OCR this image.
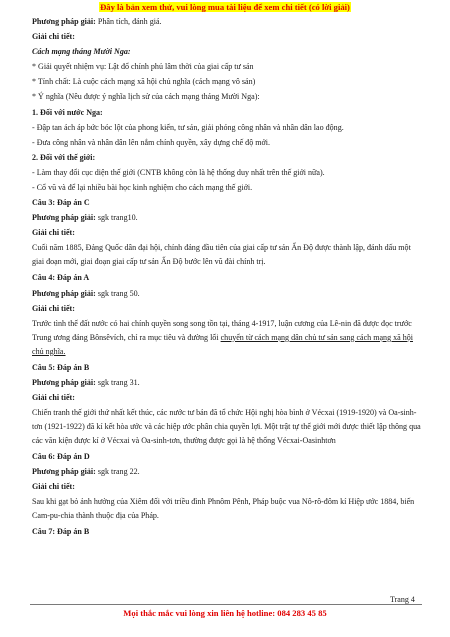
Đây là bản xem thử, vui lòng mua tài liệu để xem chi tiết (có lời giải)

Phương pháp giải: Phân tích, đánh giá.

Giải chi tiết:

Cách mạng tháng Mười Nga:

* Giải quyết nhiệm vụ: Lật đổ chính phủ lâm thời của giai cấp tư sản

* Tính chất: Là cuộc cách mạng xã hội chủ nghĩa (cách mạng vô sản)

* Ý nghĩa (Nêu được ý nghĩa lịch sử của cách mạng tháng Mười Nga):

1. Đối với nước Nga:

- Đập tan ách áp bức bóc lột của phong kiến, tư sản, giải phóng công nhân và nhân dân lao động.

- Đưa công nhân và nhân dân lên nắm chính quyền, xây dựng chế độ mới.

2. Đối với thế giới:

- Làm thay đổi cục diện thế giới (CNTB không còn là hệ thống duy nhất trên thế giới nữa).

- Cổ vũ và để lại nhiều bài học kinh nghiệm cho cách mạng thế giới.

Câu 3: Đáp án C

Phương pháp giải: sgk trang10.

Giải chi tiết:

Cuối năm 1885, Đảng Quốc dân đại hội, chính đảng đầu tiên của giai cấp tư sản Ấn Độ được thành lập, đánh dấu một giai đoạn mới, giai đoạn giai cấp tư sản Ấn Độ bước lên vũ đài chính trị.

Câu 4: Đáp án A

Phương pháp giải: sgk trang 50.

Giải chi tiết:

Trước tình thế đất nước có hai chính quyền song song tồn tại, tháng 4-1917, luận cương của Lê-nin đã được đọc trước Trung ương đảng Bônsêvích, chỉ ra mục tiêu và đường lối chuyển từ cách mạng dân chủ tư sản sang cách mạng xã hội chủ nghĩa.

Câu 5: Đáp án B

Phương pháp giải: sgk trang 31.

Giải chi tiết:

Chiến tranh thế giới thứ nhất kết thúc, các nước tư bản đã tổ chức Hội nghị hòa bình ở Vécxai (1919-1920) và Oa-sinh-tơn (1921-1922) đã kí kết hòa ước và các hiệp ước phân chia quyền lợi. Một trật tự thế giới mới được thiết lập thông qua các văn kiện được kí ở Vécxai và Oa-sinh-tơn, thường được gọi là hệ thống Vécxai-Oasinhtơn

Câu 6: Đáp án D

Phương pháp giải: sgk trang 22.

Giải chi tiết:

Sau khi gạt bỏ ảnh hưởng của Xiêm đối với triều đình Phnôm Pênh, Pháp buộc vua Nô-rô-đôm kí Hiệp ước 1884, biến Cam-pu-chia thành thuộc địa của Pháp.

Câu 7: Đáp án B

Trang 4
Mọi thắc mắc vui lòng xin liên hệ hotline: 084 283 45 85
